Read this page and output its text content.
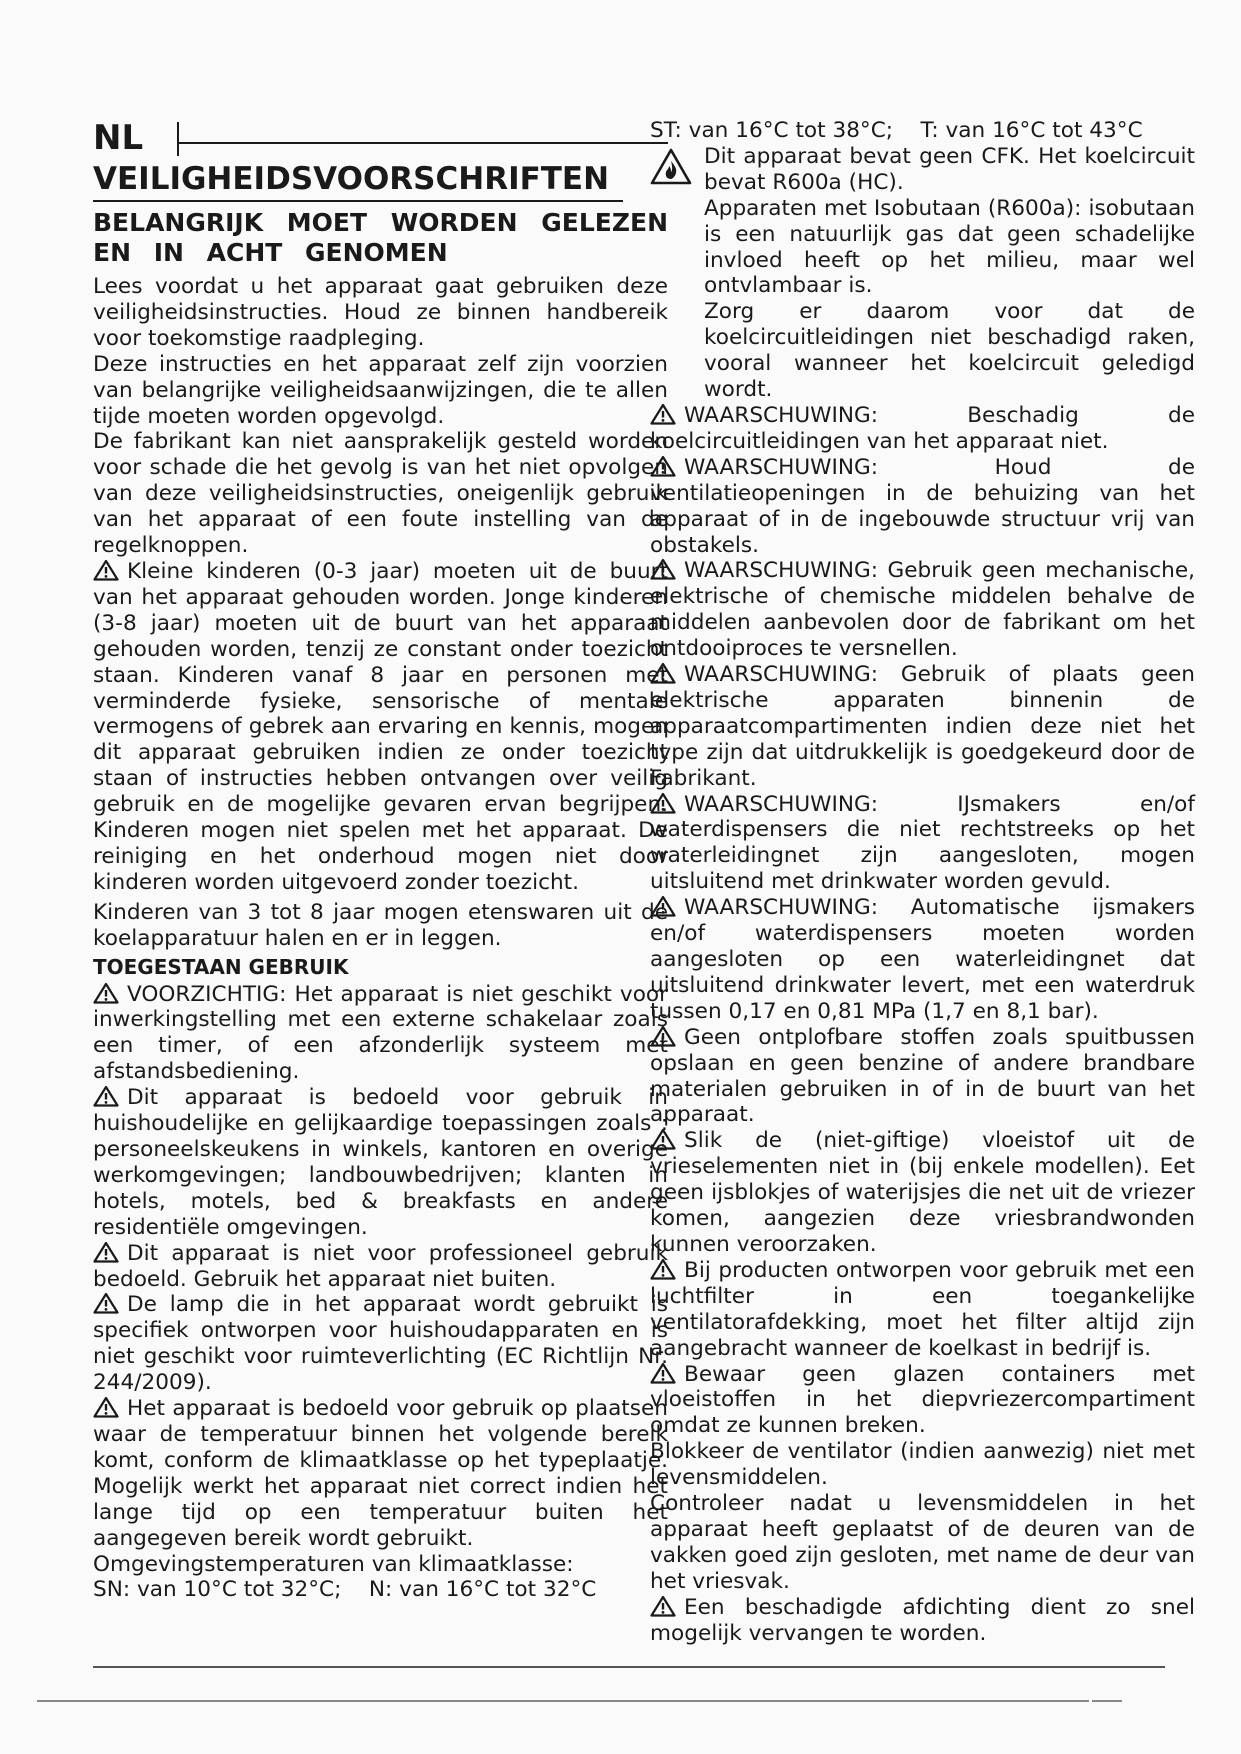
NL
VEILIGHEIDSVOORSCHRIFTEN
BELANGRIJK MOET WORDEN GELEZEN EN IN ACHT GENOMEN

Lees voordat u het apparaat gaat gebruiken deze veiligheidsinstructies. Houd ze binnen handbereik voor toekomstige raadpleging.

Deze instructies en het apparaat zelf zijn voorzien van belangrijke veiligheidsaanwijzingen, die te allen tijde moeten worden opgevolgd.

De fabrikant kan niet aansprakelijk gesteld worden voor schade die het gevolg is van het niet opvolgen van deze veiligheidsinstructies, oneigenlijk gebruik van het apparaat of een foute instelling van de regelknoppen.

Kleine kinderen (0-3 jaar) moeten uit de buurt van het apparaat gehouden worden. Jonge kinderen (3-8 jaar) moeten uit de buurt van het apparaat gehouden worden, tenzij ze constant onder toezicht staan. Kinderen vanaf 8 jaar en personen met verminderde fysieke, sensorische of mentale vermogens of gebrek aan ervaring en kennis, mogen dit apparaat gebruiken indien ze onder toezicht staan of instructies hebben ontvangen over veilig gebruik en de mogelijke gevaren ervan begrijpen. Kinderen mogen niet spelen met het apparaat. De reiniging en het onderhoud mogen niet door kinderen worden uitgevoerd zonder toezicht.

Kinderen van 3 tot 8 jaar mogen etenswaren uit de koelapparatuur halen en er in leggen.

TOEGESTAAN GEBRUIK

VOORZICHTIG: Het apparaat is niet geschikt voor inwerkingstelling met een externe schakelaar zoals een timer, of een afzonderlijk systeem met afstandsbediening.

Dit apparaat is bedoeld voor gebruik in huishoudelijke en gelijkaardige toepassingen zoals : personeelskeukens in winkels, kantoren en overige werkomgevingen; landbouwbedrijven; klanten in hotels, motels, bed & breakfasts en andere residentiële omgevingen.

Dit apparaat is niet voor professioneel gebruik bedoeld. Gebruik het apparaat niet buiten.

De lamp die in het apparaat wordt gebruikt is specifiek ontworpen voor huishoudapparaten en is niet geschikt voor ruimteverlichting (EC Richtlijn Nr. 244/2009).

Het apparaat is bedoeld voor gebruik op plaatsen waar de temperatuur binnen het volgende bereik komt, conform de klimaatklasse op het typeplaatje. Mogelijk werkt het apparaat niet correct indien het lange tijd op een temperatuur buiten het aangegeven bereik wordt gebruikt.

Omgevingstemperaturen van klimaatklasse:

SN: van 10°C tot 32°C; N: van 16°C tot 32°C

ST: van 16°C tot 38°C; T: van 16°C tot 43°C

Dit apparaat bevat geen CFK. Het koelcircuit bevat R600a (HC).

Apparaten met Isobutaan (R600a): isobutaan is een natuurlijk gas dat geen schadelijke invloed heeft op het milieu, maar wel ontvlambaar is.

Zorg er daarom voor dat de koelcircuitleidingen niet beschadigd raken, vooral wanneer het koelcircuit geledigd wordt.

WAARSCHUWING: Beschadig de koelcircuitleidingen van het apparaat niet.

WAARSCHUWING: Houd de ventilatieopeningen in de behuizing van het apparaat of in de ingebouwde structuur vrij van obstakels.

WAARSCHUWING: Gebruik geen mechanische, elektrische of chemische middelen behalve de middelen aanbevolen door de fabrikant om het ontdooiproces te versnellen.

WAARSCHUWING: Gebruik of plaats geen elektrische apparaten binnenin de apparaatcompartimenten indien deze niet het type zijn dat uitdrukkelijk is goedgekeurd door de Fabrikant.

WAARSCHUWING: IJsmakers en/of waterdispensers die niet rechtstreeks op het waterleidingnet zijn aangesloten, mogen uitsluitend met drinkwater worden gevuld.

WAARSCHUWING: Automatische ijsmakers en/of waterdispensers moeten worden aangesloten op een waterleidingnet dat uitsluitend drinkwater levert, met een waterdruk tussen 0,17 en 0,81 MPa (1,7 en 8,1 bar).

Geen ontplofbare stoffen zoals spuitbussen opslaan en geen benzine of andere brandbare materialen gebruiken in of in de buurt van het apparaat.

Slik de (niet-giftige) vloeistof uit de vrieselementen niet in (bij enkele modellen). Eet geen ijsblokjes of waterijsjes die net uit de vriezer komen, aangezien deze vriesbrandwonden kunnen veroorzaken.

Bij producten ontworpen voor gebruik met een luchtfilter in een toegankelijke ventilatorafdekking, moet het filter altijd zijn aangebracht wanneer de koelkast in bedrijf is.

Bewaar geen glazen containers met vloeistoffen in het diepvriezercompartiment omdat ze kunnen breken.

Blokkeer de ventilator (indien aanwezig) niet met levensmiddelen.

Controleer nadat u levensmiddelen in het apparaat heeft geplaatst of de deuren van de vakken goed zijn gesloten, met name de deur van het vriesvak.

Een beschadigde afdichting dient zo snel mogelijk vervangen te worden.
